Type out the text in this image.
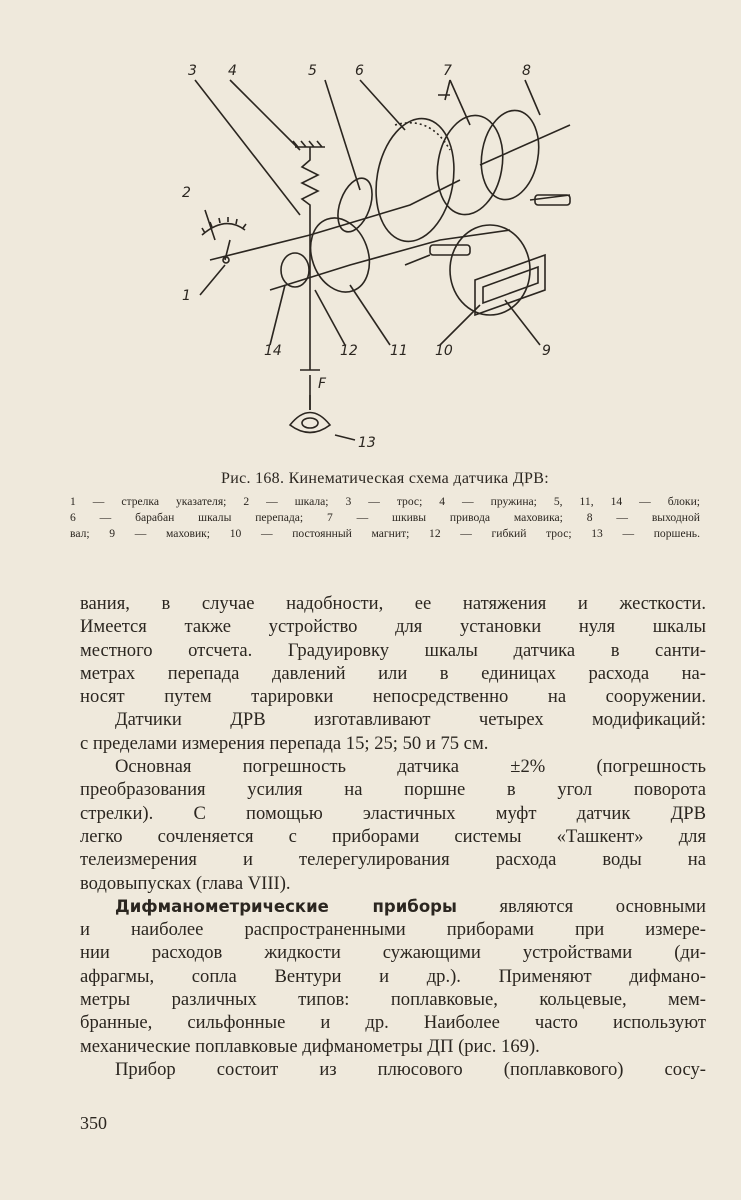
3 4	5	6	7	8
2
1
14	12 11 10	9
F
13
Рис. 168. Кинематическая схема датчика ДРВ:
1 — стрелка указателя; 2 — шкала; 3 — трос; 4 — пружина; 5, 11, 14 — блоки;
6 — барабан шкалы перепада; 7 — шкивы привода маховика; 8 — выходной
вал; 9 — маховик; 10 — постоянный магнит; 12 — гибкий трос; 13 — поршень.

вания, в случае надобности, ее натяжения и жесткости.
Имеется также устройство для установки нуля шкалы
местного отсчета. Градуировку шкалы датчика в санти-
метрах перепада давлений или в единицах расхода на-
носят путем тарировки непосредственно на сооружении.

Датчики ДРВ изготавливают четырех модификаций:
с пределами измерения перепада 15; 25; 50 и 75 см.

Основная погрешность датчика ±2% (погрешность
преобразования усилия на поршне в угол поворота
стрелки). С помощью эластичных муфт датчик ДРВ
легко сочленяется с приборами системы «Ташкент» для
телеизмерения и телерегулирования расхода воды на
водовыпусках (глава VIII).

Дифманометрические приборы являются основными
и наиболее распространенными приборами при измере-
нии расходов жидкости сужающими устройствами (ди-
афрагмы, сопла Вентури и др.). Применяют дифмано-
метры различных типов: поплавковые, кольцевые, мем-
бранные, сильфонные и др. Наиболее часто используют
механические поплавковые дифманометры ДП (рис. 169).

Прибор состоит из плюсового (поплавкового) сосу-

350
